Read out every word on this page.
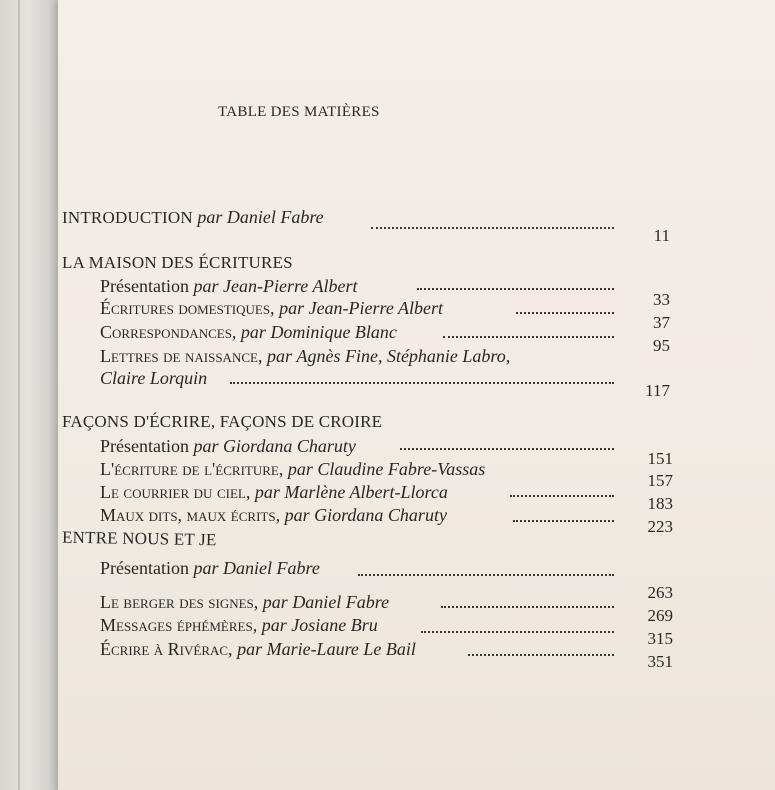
TABLE DES MATIÈRES
INTRODUCTION par Daniel Fabre
11
LA MAISON DES ÉCRITURES
Présentation par Jean-Pierre Albert
33
Écritures domestiques, par Jean-Pierre Albert
37
Correspondances, par Dominique Blanc
95
Lettres de naissance, par Agnès Fine, Stéphanie Labro,
Claire Lorquin
117
FAÇONS D'ÉCRIRE, FAÇONS DE CROIRE
Présentation par Giordana Charuty
151
L'écriture de l'écriture, par Claudine Fabre-Vassas
157
Le courrier du ciel, par Marlène Albert-Llorca
183
Maux dits, maux écrits, par Giordana Charuty
223
ENTRE NOUS ET JE
Présentation par Daniel Fabre
263
Le berger des signes, par Daniel Fabre
269
Messages éphémères, par Josiane Bru
315
Écrire à Rivérac, par Marie-Laure Le Bail
351
